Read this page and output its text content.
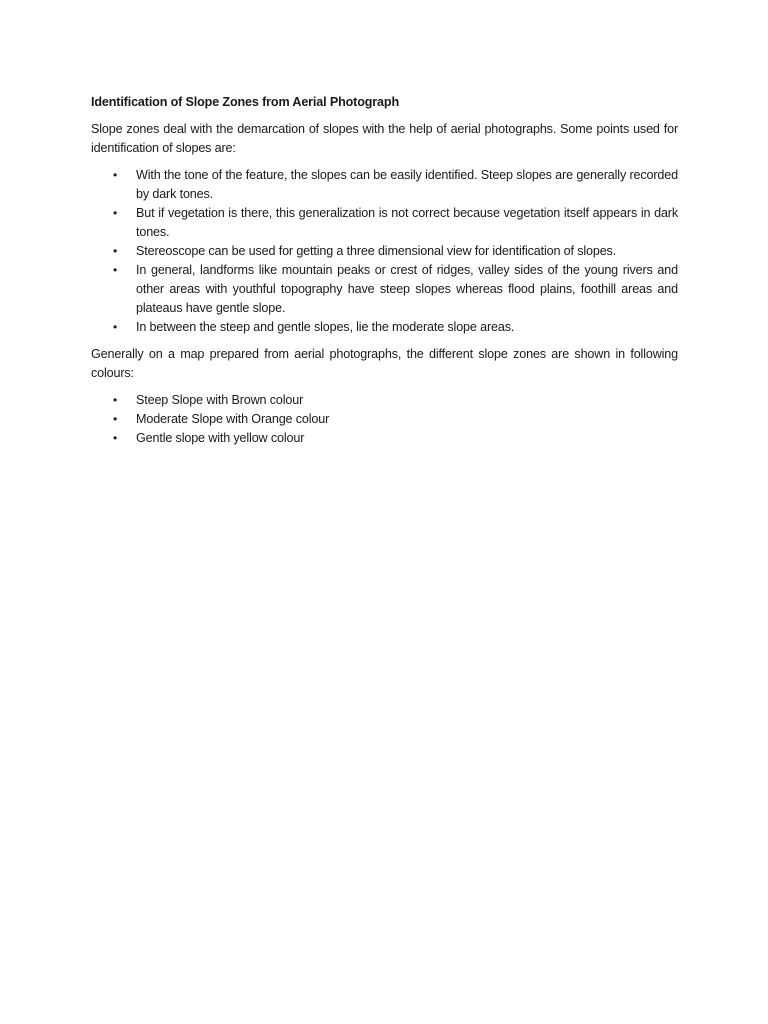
Identification of Slope Zones from Aerial Photograph

Slope zones deal with the demarcation of slopes with the help of aerial photographs. Some points used for identification of slopes are:

• With the tone of the feature, the slopes can be easily identified. Steep slopes are generally recorded by dark tones.
• But if vegetation is there, this generalization is not correct because vegetation itself appears in dark tones.
• Stereoscope can be used for getting a three dimensional view for identification of slopes.
• In general, landforms like mountain peaks or crest of ridges, valley sides of the young rivers and other areas with youthful topography have steep slopes whereas flood plains, foothill areas and plateaus have gentle slope.
• In between the steep and gentle slopes, lie the moderate slope areas.

Generally on a map prepared from aerial photographs, the different slope zones are shown in following colours:

• Steep Slope with Brown colour
• Moderate Slope with Orange colour
• Gentle slope with yellow colour
